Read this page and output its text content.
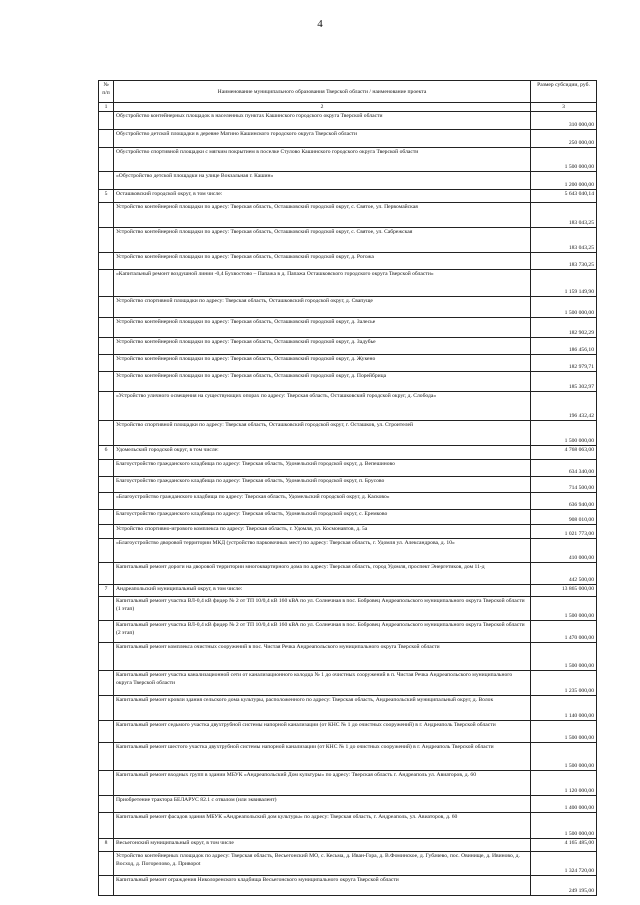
4
№ п/п	Наименование муниципального образования Тверской области / наименование проекта	Размер субсидии, руб.
1	2	3
	Обустройство контейнерных площадок в населенных пунктах Кашинского городского округа Тверской области	310 000,00
	Обустройство детской площадки в деревне Матино Кашинского городского округа Тверской области	250 000,00
	Обустройство спортивной площадки с мягким покрытием в поселке Стулово Кашинского городского округа Тверской области	1 500 000,00
	«Обустройство детской площадки на улице Вокзальная г. Кашин»	1 200 000,00
5	Осташковский городской округ, в том числе:	5 643 040,14
	Устройство контейнерной площадки по адресу: Тверская область, Осташковский городской округ, с. Святое, ул. Первомайская	183 043,25
	Устройство контейнерной площадки по адресу: Тверская область, Осташковский городской округ, с. Святое, ул. Сабрежская	183 043,25
	Устройство контейнерной площадки по адресу: Тверская область, Осташковский городской округ, д. Рогожа	183 730,25
	«Капитальный ремонт воздушной линии -0,4 Бухвостово – Папажа в д. Папажа Осташковского городского округа Тверской области»	1 159 149,90
	Устройство спортивной площадки по адресу: Тверская область, Осташковский городской округ, д. Свапуще	1 500 000,00
	Устройство контейнерной площадки по адресу: Тверская область, Осташковский городской округ, д. Залесье	182 902,29
	Устройство контейнерной площадки по адресу: Тверская область, Осташковский городской округ, д. Задубье	186 456,10
	Устройство контейнерной площадки по адресу: Тверская область, Осташковский городской округ, д. Жукено	182 979,71
	Устройство контейнерной площадки по адресу: Тверская область, Осташковский городской округ, д. Порейбрица	185 302,97
	«Устройство уличного освещения на существующих опорах по адресу: Тверская область, Осташковский городской округ, д. Слобода»	196 432,42
	Устройство спортивной площадки по адресу: Тверская область, Осташковский городской округ, г. Осташков, ул. Строителей	1 500 000,00
6	Удомельский городской округ, в том числе:	4 768 063,00
	Благоустройство гражданского кладбища по адресу: Тверская область, Удомельский городской округ, д. Вепешиново	634 340,00
	Благоустройство гражданского кладбища по адресу: Тверская область, Удомельский городской округ, п. Брусово	714 500,00
	«Благоустройство гражданского кладбища по адресу: Тверская область, Удомельский городской округ, д. Касково»	636 940,00
	Благоустройство гражданского кладбища по адресу: Тверская область, Удомельский городской округ, с. Еремково	908 010,00
	Устройство спортивно-игрового комплекса по адресу: Тверская область, г. Удомля, ул. Космонавтов, д. 5а	1 021 773,00
	«Благоустройство дворовой территории МКД (устройство парковочных мест) по адресу: Тверская область, г. Удомля ул. Александрова, д. 10»	410 000,00
	Капитальный ремонт дороги на дворовой территории многоквартирного дома по адресу: Тверская область, город Удомля, проспект Энергетиков, дом 11-д	442 500,00
7	Андреапольский муниципальный округ, в том числе:	13 865 000,00
	Капитальный ремонт участка ВЛ-0,4 кВ фидер № 2 от ТП 10/0,4 кВ 160 кВА по ул. Солнечная в пос. Бобровец Андреапольского муниципального округа Тверской области (1 этап)	1 500 000,00
	Капитальный ремонт участка ВЛ-0,4 кВ фидер № 2 от ТП 10/0,4 кВ 160 кВА по ул. Солнечная в пос. Бобровец Андреапольского муниципального округа Тверской области (2 этап)	1 470 000,00
	Капитальный ремонт комплекса очистных сооружений в пос. Чистая Речка Андреапольского муниципального округа Тверской области	1 500 000,00
	Капитальный ремонт участка канализационной сети от канализационного колодца № 1 до очистных сооружений в п. Чистая Речка Андреапольского муниципального округа Тверской области	1 235 000,00
	Капитальный ремонт кровли здания сельского дома культуры, расположенного по адресу: Тверская область, Андреапольский муниципальный округ, д. Волок	1 140 000,00
	Капитальный ремонт седьмого участка двухтрубной системы напорной канализации (от КНС № 1 до очистных сооружений) в г. Андреаполь Тверской области	1 500 000,00
	Капитальный ремонт шестого участка двухтрубной системы напорной канализации (от КНС № 1 до очистных сооружений) в г. Андреаполь Тверской области	1 500 000,00
	Капитальный ремонт входных групп в здании МБУК «Андреапольский Дом культуры» по адресу: Тверская область г. Андреаполь ул. Авиаторов, д. 60	1 120 000,00
	Приобретение трактора БЕЛАРУС 82.1 с отвалом (или эквивалент)	1 400 000,00
	Капитальный ремонт фасадов здания МБУК «Андреапольский дом культуры» по адресу: Тверская область, г. Андреаполь, ул. Авиаторов, д. 60	1 500 000,00
8	Весьегонский муниципальный округ, в том числе	4 165 485,00
	Устройство контейнерных площадок по адресу: Тверская область, Весьегонский МО, с. Кесьма, д. Иван-Гора, д. В.Фоминское, д. Губачево, пос. Овинище, д. Ивиново, д. Восход, д. Погорелово, д. Привороt	1 324 720,00
	Капитальный ремонт ограждения Николоренского кладбища Весьегонского муниципального округа Тверской области	249 195,00
